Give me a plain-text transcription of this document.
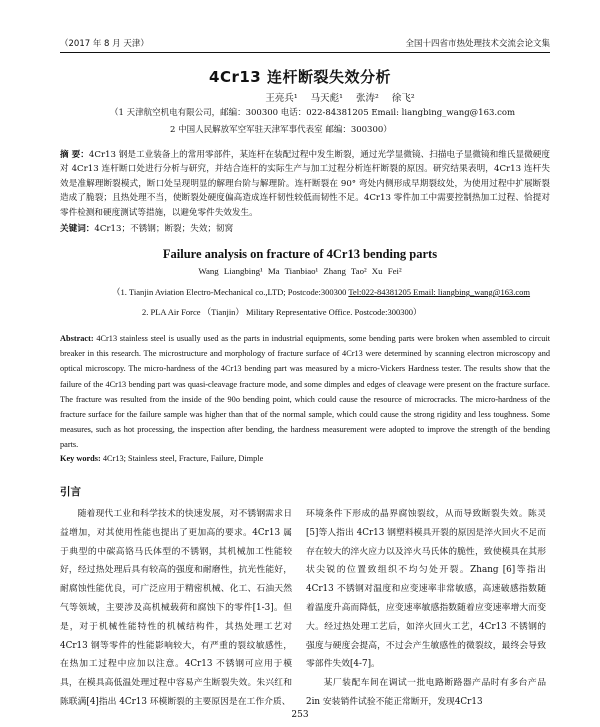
（2017 年 8 月 天津）	全国十四省市热处理技术交流会论文集
4Cr13 连杆断裂失效分析
王亮兵¹ 马天彪¹ 张涛² 徐飞²
（1 天津航空机电有限公司，邮编：300300 电话：022-84381205 Email: liangbing_wang@163.com
2 中国人民解放军空军驻天津军事代表室 邮编：300300）
摘 要：4Cr13 钢是工业装备上的常用零部件，某连杆在装配过程中发生断裂，通过光学显微镜、扫描电子显微镜和维氏显微硬度对 4Cr13 连杆断口处进行分析与研究，并结合连杆的实际生产与加工过程分析连杆断裂的原因。研究结果表明，4Cr13 连杆失效是准解理断裂模式，断口处呈现明显的解理台阶与解理阶。连杆断裂在 90° 弯处内侧形成早期裂纹处，为使用过程中扩展断裂造成了脆裂；且热处理不当，使断裂处硬度偏高造成连杆韧性较低而韧性不足。4Cr13 零件加工中需要控制热加工过程、恰提对零件检测和硬度测试等措施，以避免零件失效发生。
关键词：4Cr13；不锈钢；断裂；失效；韧窝
Failure analysis on fracture of 4Cr13 bending parts
Wang Liangbing¹ Ma Tianbiao¹ Zhang Tao² Xu Fei²
（1. Tianjin Aviation Electro-Mechanical co.,LTD; Postcode:300300 Tel:022-84381205 Email: liangbing_wang@163.com
2. PLA Air Force （Tianjin） Military Representative Office. Postcode:300300）
Abstract: 4Cr13 stainless steel is usually used as the parts in industrial equipments, some bending parts were broken when assembled to circuit breaker in this research. The microstructure and morphology of fracture surface of 4Cr13 were determined by scanning electron microscopy and optical microscopy. The micro-hardness of the 4Cr13 bending part was measured by a micro-Vickers Hardness tester. The results show that the failure of the 4Cr13 bending part was quasi-cleavage fracture mode, and some dimples and edges of cleavage were present on the fracture surface. The fracture was resulted from the inside of the 90o bending point, which could cause the resource of microcracks. The micro-hardness of the fracture surface for the failure sample was higher than that of the normal sample, which could cause the strong rigidity and less toughness. Some measures, such as hot processing, the inspection after bending, the hardness measurement were adopted to improve the strength of the bending parts.
Key words: 4Cr13; Stainless steel, Fracture, Failure, Dimple
引言

随着现代工业和科学技术的快速发展，对不锈钢需求日益增加，对其使用性能也提出了更加高的要求。4Cr13 属于典型的中碳高铬马氏体型的不锈钢，其机械加工性能较好，经过热处理后具有较高的强度和耐磨性，抗光性能好，耐腐蚀性能优良，可广泛应用于精密机械、化工、石油天然气等领域，主要涉及高机械载荷和腐蚀下的零件[1-3]。但是，对于机械性能特性的机械结构件，其热处理工艺对 4Cr13 钢等零件的性能影响较大，有严重的裂纹敏感性，在热加工过程中应加以注意。4Cr13 不锈钢可应用于模具，在模具高低温处理过程中容易产生断裂失效。朱兴红和陈联满[4]指出 4Cr13 环模断裂的主要原因是在工作介质、

环境条件下形成的晶界腐蚀裂纹，从而导致断裂失效。陈灵[5]等人指出 4Cr13 钢塑料模具开裂的原因是淬火回火不足而存在较大的淬火应力以及淬火马氏体的脆性，致使模具在其形状尖锐的位置致组织不均匀处开裂。Zhang [6]等指出 4Cr13 不锈钢对温度和应变速率非常敏感，高速破感指数随着温度升高而降低，应变速率敏感指数随着应变速率增大而变大。经过热处理工艺后，如淬火回火工艺，4Cr13 不锈钢的强度与硬度会提高，不过会产生敏感性的微裂纹，最终会导致零部件失效[4-7]。

某厂装配车间在调试一批电路断路器产品时有多台产品 2in 安装销件试验不能正常断开，发现4Cr13

253
